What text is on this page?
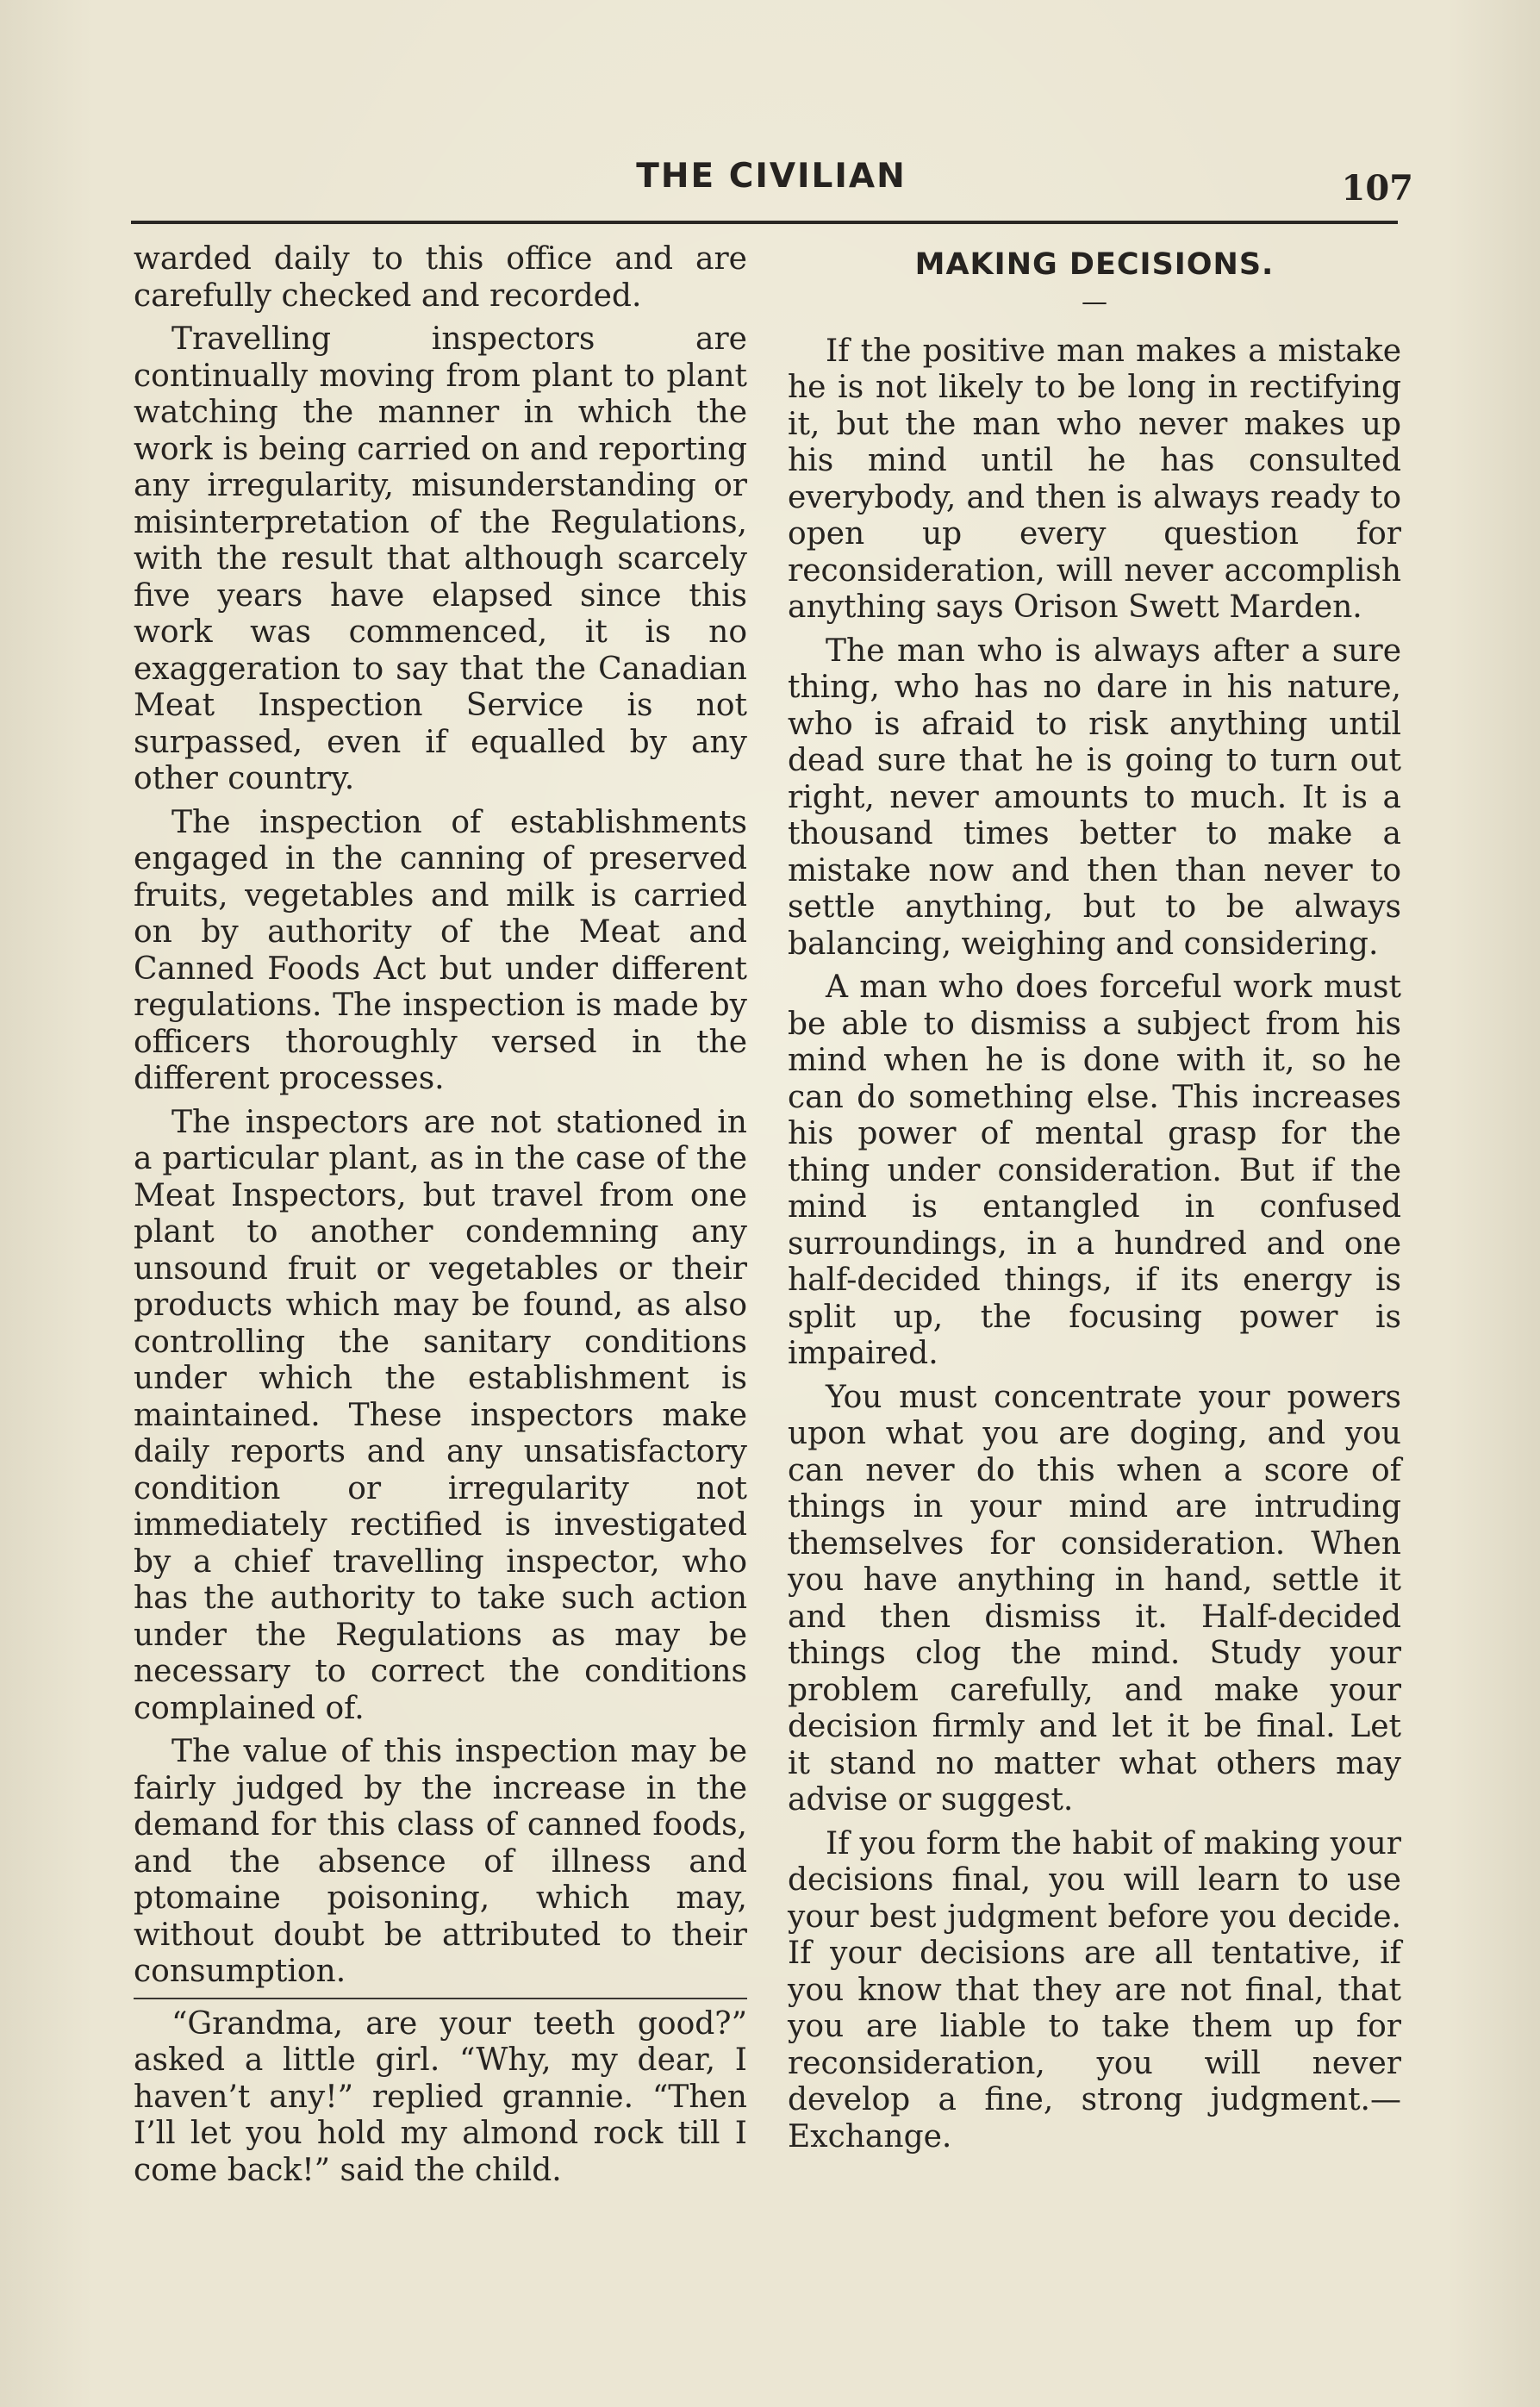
THE CIVILIAN	107

warded daily to this office and are carefully checked and recorded.

Travelling inspectors are continually moving from plant to plant watching the manner in which the work is being carried on and reporting any irregularity, misunderstanding or misinterpretation of the Regulations, with the result that although scarcely five years have elapsed since this work was commenced, it is no exaggeration to say that the Canadian Meat Inspection Service is not surpassed, even if equalled by any other country.

The inspection of establishments engaged in the canning of preserved fruits, vegetables and milk is carried on by authority of the Meat and Canned Foods Act but under different regulations. The inspection is made by officers thoroughly versed in the different processes.

The inspectors are not stationed in a particular plant, as in the case of the Meat Inspectors, but travel from one plant to another condemning any unsound fruit or vegetables or their products which may be found, as also controlling the sanitary conditions under which the establishment is maintained. These inspectors make daily reports and any unsatisfactory condition or irregularity not immediately rectified is investigated by a chief travelling inspector, who has the authority to take such action under the Regulations as may be necessary to correct the conditions complained of.

The value of this inspection may be fairly judged by the increase in the demand for this class of canned foods, and the absence of illness and ptomaine poisoning, which may, without doubt be attributed to their consumption.

“Grandma, are your teeth good?” asked a little girl. “Why, my dear, I haven’t any!” replied grannie. “Then I’ll let you hold my almond rock till I come back!” said the child.

MAKING DECISIONS.
—

If the positive man makes a mistake he is not likely to be long in rectifying it, but the man who never makes up his mind until he has consulted everybody, and then is always ready to open up every question for reconsideration, will never accomplish anything says Orison Swett Marden.

The man who is always after a sure thing, who has no dare in his nature, who is afraid to risk anything until dead sure that he is going to turn out right, never amounts to much. It is a thousand times better to make a mistake now and then than never to settle anything, but to be always balancing, weighing and considering.

A man who does forceful work must be able to dismiss a subject from his mind when he is done with it, so he can do something else. This increases his power of mental grasp for the thing under consideration. But if the mind is entangled in confused surroundings, in a hundred and one half-decided things, if its energy is split up, the focusing power is impaired.

You must concentrate your powers upon what you are doging, and you can never do this when a score of things in your mind are intruding themselves for consideration. When you have anything in hand, settle it and then dismiss it. Half-decided things clog the mind. Study your problem carefully, and make your decision firmly and let it be final. Let it stand no matter what others may advise or suggest.

If you form the habit of making your decisions final, you will learn to use your best judgment before you decide. If your decisions are all tentative, if you know that they are not final, that you are liable to take them up for reconsideration, you will never develop a fine, strong judgment.—Exchange.
